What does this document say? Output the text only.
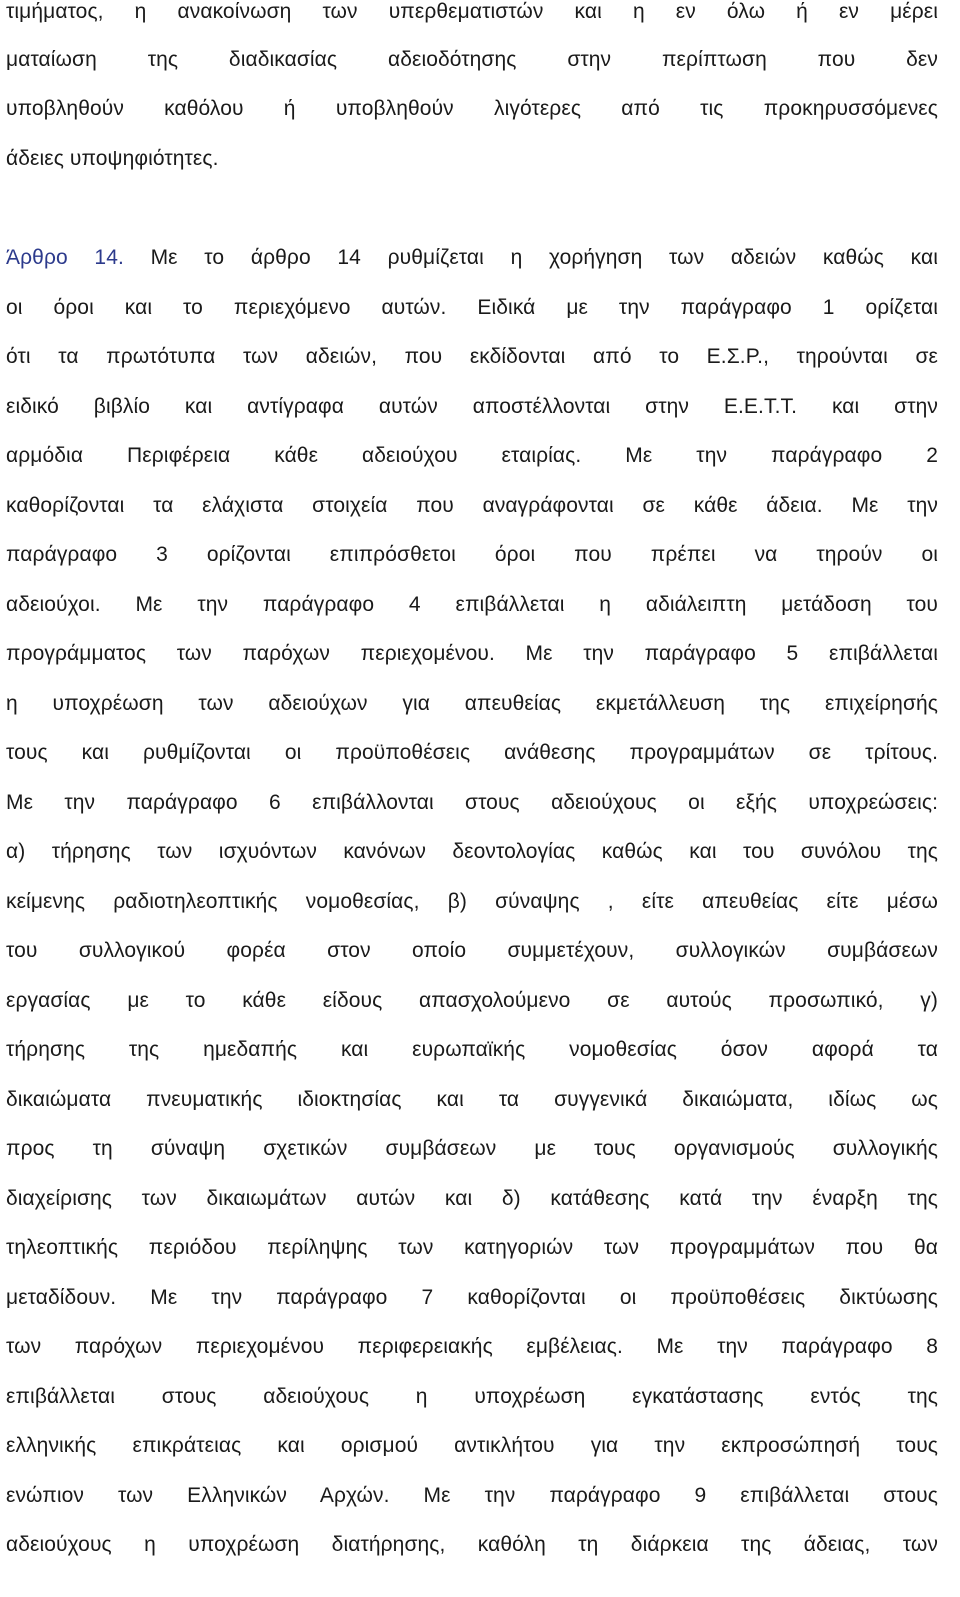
τιμήματος, η ανακοίνωση των υπερθεματιστών και η εν όλω ή εν μέρει
ματαίωση της διαδικασίας αδειοδότησης στην περίπτωση που δεν
υποβληθούν καθόλου ή υποβληθούν λιγότερες από τις προκηρυσσόμενες
άδειες υποψηφιότητες.
Άρθρο 14. Με το άρθρο 14 ρυθμίζεται η χορήγηση των αδειών καθώς και
οι όροι και το περιεχόμενο αυτών. Ειδικά με την παράγραφο 1 ορίζεται
ότι τα πρωτότυπα των αδειών, που εκδίδονται από το Ε.Σ.Ρ., τηρούνται σε
ειδικό βιβλίο και αντίγραφα αυτών αποστέλλονται στην Ε.Ε.Τ.Τ. και στην
αρμόδια Περιφέρεια κάθε αδειούχου εταιρίας. Με την παράγραφο 2
καθορίζονται τα ελάχιστα στοιχεία που αναγράφονται σε κάθε άδεια. Με την
παράγραφο 3 ορίζονται επιπρόσθετοι όροι που πρέπει να τηρούν οι
αδειούχοι. Με την παράγραφο 4 επιβάλλεται η αδιάλειπτη μετάδοση του
προγράμματος των παρόχων περιεχομένου. Με την παράγραφο 5 επιβάλλεται
η υποχρέωση των αδειούχων για απευθείας εκμετάλλευση της επιχείρησής
τους και ρυθμίζονται οι προϋποθέσεις ανάθεσης προγραμμάτων σε τρίτους.
Με την παράγραφο 6 επιβάλλονται στους αδειούχους οι εξής υποχρεώσεις:
α) τήρησης των ισχυόντων κανόνων δεοντολογίας καθώς και του συνόλου της
κείμενης ραδιοτηλεοπτικής νομοθεσίας, β) σύναψης , είτε απευθείας είτε μέσω
του συλλογικού φορέα στον οποίο συμμετέχουν, συλλογικών συμβάσεων
εργασίας με το κάθε είδους απασχολούμενο σε αυτούς προσωπικό, γ)
τήρησης της ημεδαπής και ευρωπαϊκής νομοθεσίας όσον αφορά τα
δικαιώματα πνευματικής ιδιοκτησίας και τα συγγενικά δικαιώματα, ιδίως ως
προς τη σύναψη σχετικών συμβάσεων με τους οργανισμούς συλλογικής
διαχείρισης των δικαιωμάτων αυτών και δ) κατάθεσης κατά την έναρξη της
τηλεοπτικής περιόδου περίληψης των κατηγοριών των προγραμμάτων που θα
μεταδίδουν. Με την παράγραφο 7 καθορίζονται οι προϋποθέσεις δικτύωσης
των παρόχων περιεχομένου περιφερειακής εμβέλειας. Με την παράγραφο 8
επιβάλλεται στους αδειούχους η υποχρέωση εγκατάστασης εντός της
ελληνικής επικράτειας και ορισμού αντικλήτου για την εκπροσώπησή τους
ενώπιον των Ελληνικών Αρχών. Με την παράγραφο 9 επιβάλλεται στους
αδειούχους η υποχρέωση διατήρησης, καθόλη τη διάρκεια της άδειας, των
